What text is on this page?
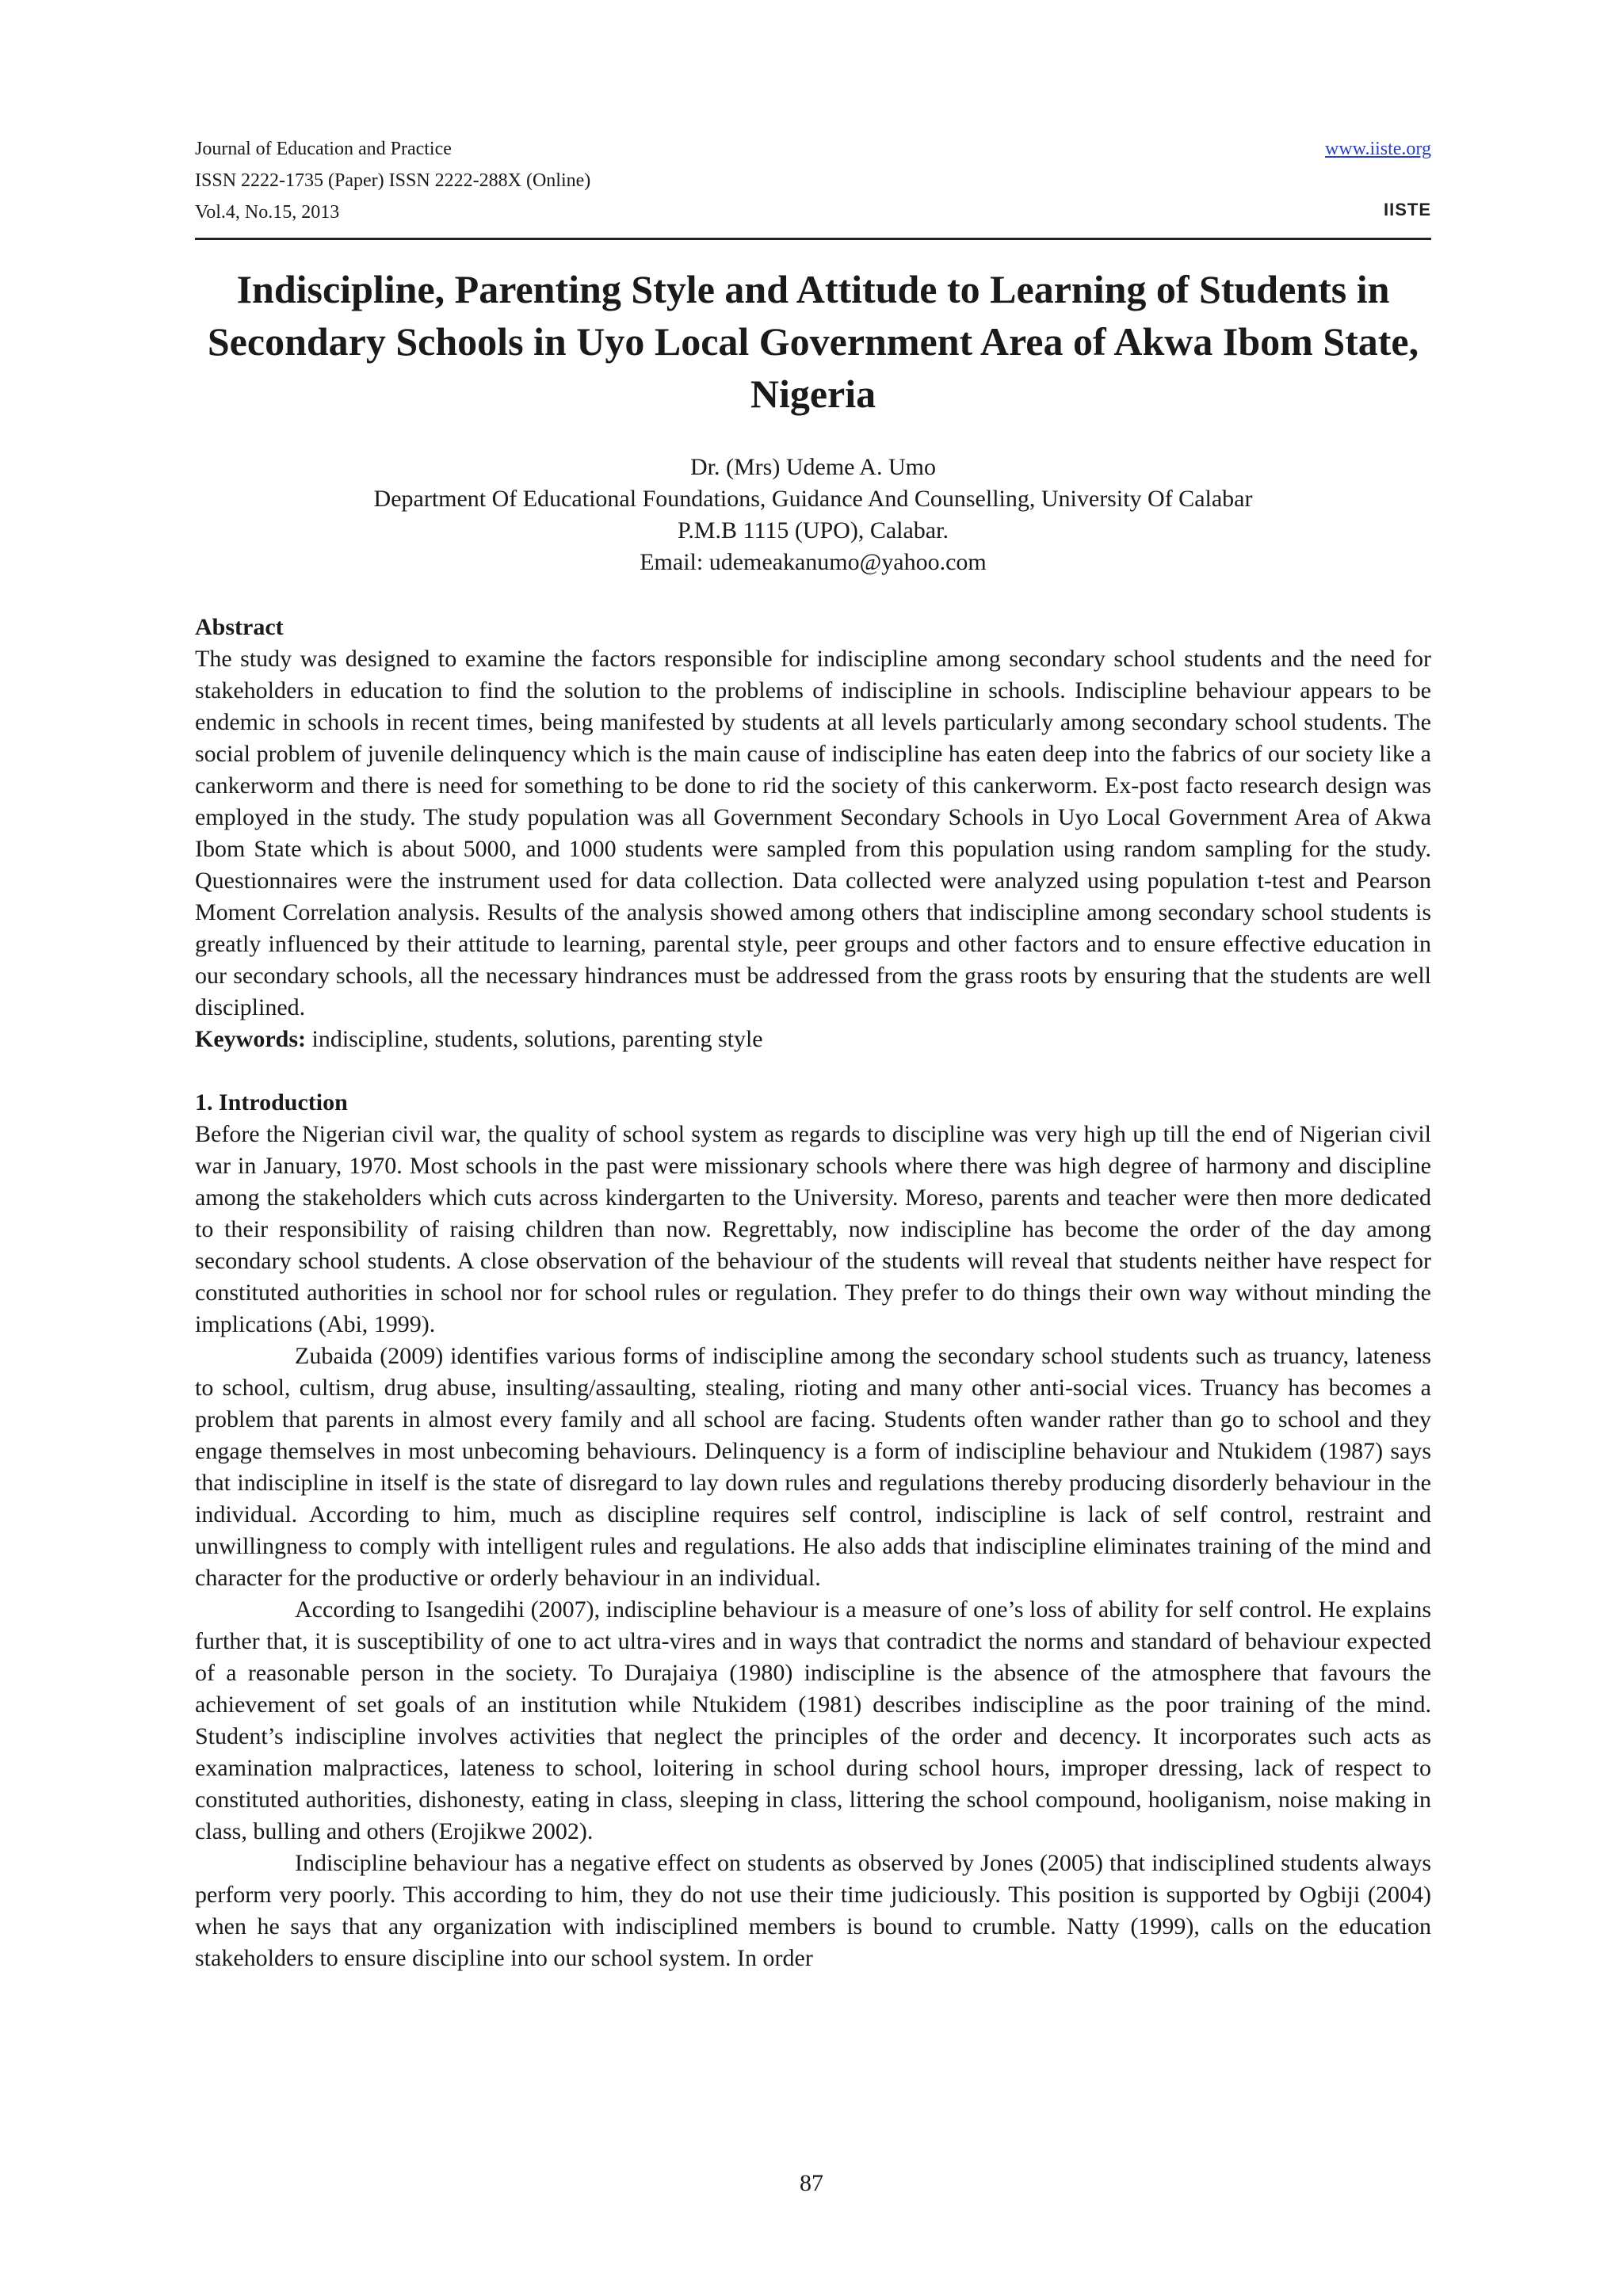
Journal of Education and Practice
ISSN 2222-1735 (Paper) ISSN 2222-288X (Online)
Vol.4, No.15, 2013
www.iiste.org
IISTE
Indiscipline, Parenting Style and Attitude to Learning of Students in Secondary Schools in Uyo Local Government Area of Akwa Ibom State, Nigeria
Dr. (Mrs) Udeme A. Umo
Department Of Educational Foundations, Guidance And Counselling, University Of Calabar
P.M.B 1115 (UPO), Calabar.
Email: udemeakanumo@yahoo.com

Abstract

The study was designed to examine the factors responsible for indiscipline among secondary school students and the need for stakeholders in education to find the solution to the problems of indiscipline in schools. Indiscipline behaviour appears to be endemic in schools in recent times, being manifested by students at all levels particularly among secondary school students. The social problem of juvenile delinquency which is the main cause of indiscipline has eaten deep into the fabrics of our society like a cankerworm and there is need for something to be done to rid the society of this cankerworm. Ex-post facto research design was employed in the study. The study population was all Government Secondary Schools in Uyo Local Government Area of Akwa Ibom State which is about 5000, and 1000 students were sampled from this population using random sampling for the study. Questionnaires were the instrument used for data collection. Data collected were analyzed using population t-test and Pearson Moment Correlation analysis. Results of the analysis showed among others that indiscipline among secondary school students is greatly influenced by their attitude to learning, parental style, peer groups and other factors and to ensure effective education in our secondary schools, all the necessary hindrances must be addressed from the grass roots by ensuring that the students are well disciplined.

Keywords: indiscipline, students, solutions, parenting style

1. Introduction

Before the Nigerian civil war, the quality of school system as regards to discipline was very high up till the end of Nigerian civil war in January, 1970. Most schools in the past were missionary schools where there was high degree of harmony and discipline among the stakeholders which cuts across kindergarten to the University. Moreso, parents and teacher were then more dedicated to their responsibility of raising children than now. Regrettably, now indiscipline has become the order of the day among secondary school students. A close observation of the behaviour of the students will reveal that students neither have respect for constituted authorities in school nor for school rules or regulation. They prefer to do things their own way without minding the implications (Abi, 1999).

Zubaida (2009) identifies various forms of indiscipline among the secondary school students such as truancy, lateness to school, cultism, drug abuse, insulting/assaulting, stealing, rioting and many other anti-social vices. Truancy has becomes a problem that parents in almost every family and all school are facing. Students often wander rather than go to school and they engage themselves in most unbecoming behaviours. Delinquency is a form of indiscipline behaviour and Ntukidem (1987) says that indiscipline in itself is the state of disregard to lay down rules and regulations thereby producing disorderly behaviour in the individual. According to him, much as discipline requires self control, indiscipline is lack of self control, restraint and unwillingness to comply with intelligent rules and regulations. He also adds that indiscipline eliminates training of the mind and character for the productive or orderly behaviour in an individual.

According to Isangedihi (2007), indiscipline behaviour is a measure of one’s loss of ability for self control. He explains further that, it is susceptibility of one to act ultra-vires and in ways that contradict the norms and standard of behaviour expected of a reasonable person in the society. To Durajaiya (1980) indiscipline is the absence of the atmosphere that favours the achievement of set goals of an institution while Ntukidem (1981) describes indiscipline as the poor training of the mind. Student’s indiscipline involves activities that neglect the principles of the order and decency. It incorporates such acts as examination malpractices, lateness to school, loitering in school during school hours, improper dressing, lack of respect to constituted authorities, dishonesty, eating in class, sleeping in class, littering the school compound, hooliganism, noise making in class, bulling and others (Erojikwe 2002).

Indiscipline behaviour has a negative effect on students as observed by Jones (2005) that indisciplined students always perform very poorly. This according to him, they do not use their time judiciously. This position is supported by Ogbiji (2004) when he says that any organization with indisciplined members is bound to crumble. Natty (1999), calls on the education stakeholders to ensure discipline into our school system. In order

87
